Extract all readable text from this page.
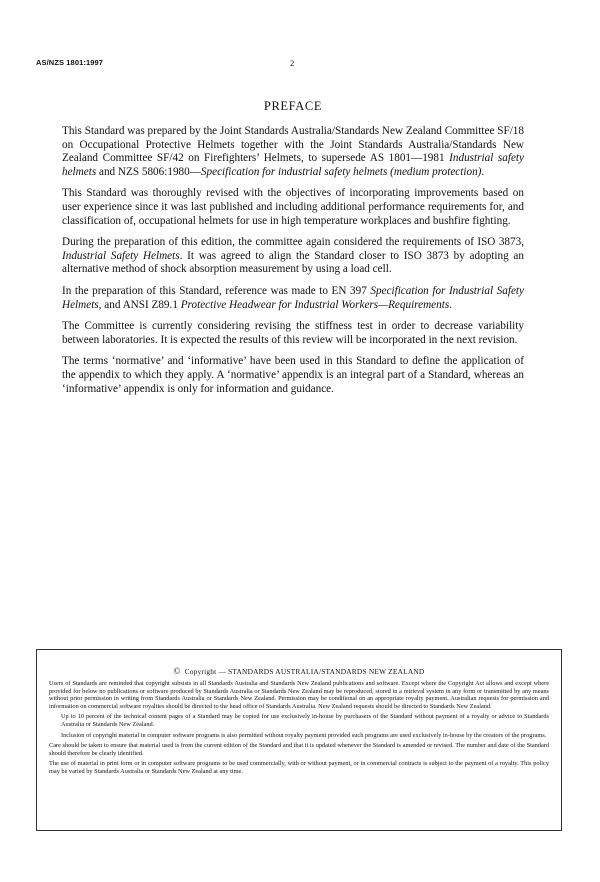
AS/NZS 1801:1997	2
PREFACE

This Standard was prepared by the Joint Standards Australia/Standards New Zealand Committee SF/18 on Occupational Protective Helmets together with the Joint Standards Australia/Standards New Zealand Committee SF/42 on Firefighters’ Helmets, to supersede AS 1801—1981 Industrial safety helmets and NZS 5806:1980—Specification for industrial safety helmets (medium protection).

This Standard was thoroughly revised with the objectives of incorporating improvements based on user experience since it was last published and including additional performance requirements for, and classification of, occupational helmets for use in high temperature workplaces and bushfire fighting.

During the preparation of this edition, the committee again considered the requirements of ISO 3873, Industrial Safety Helmets. It was agreed to align the Standard closer to ISO 3873 by adopting an alternative method of shock absorption measurement by using a load cell.

In the preparation of this Standard, reference was made to EN 397 Specification for Industrial Safety Helmets, and ANSI Z89.1 Protective Headwear for Industrial Workers—Requirements.

The Committee is currently considering revising the stiffness test in order to decrease variability between laboratories. It is expected the results of this review will be incorporated in the next revision.

The terms ‘normative’ and ‘informative’ have been used in this Standard to define the application of the appendix to which they apply. A ‘normative’ appendix is an integral part of a Standard, whereas an ‘informative’ appendix is only for information and guidance.

© Copyright — STANDARDS AUSTRALIA/STANDARDS NEW ZEALAND

Users of Standards are reminded that copyright subsists in all Standards Australia and Standards New Zealand publications and software. Except where the Copyright Act allows and except where provided for below no publications or software produced by Standards Australia or Standards New Zealand may be reproduced, stored in a retrieval system in any form or transmitted by any means without prior permission in writing from Standards Australia or Standards New Zealand. Permission may be conditional on an appropriate royalty payment. Australian requests for permission and information on commercial software royalties should be directed to the head office of Standards Australia. New Zealand requests should be directed to Standards New Zealand.

Up to 10 percent of the technical content pages of a Standard may be copied for use exclusively in-house by purchasers of the Standard without payment of a royalty or advice to Standards Australia or Standards New Zealand.

Inclusion of copyright material in computer software programs is also permitted without royalty payment provided such programs are used exclusively in-house by the creators of the programs.

Care should be taken to ensure that material used is from the current edition of the Standard and that it is updated whenever the Standard is amended or revised. The number and date of the Standard should therefore be clearly identified.

The use of material in print form or in computer software programs to be used commercially, with or without payment, or in commercial contracts is subject to the payment of a royalty. This policy may be varied by Standards Australia or Standards New Zealand at any time.
